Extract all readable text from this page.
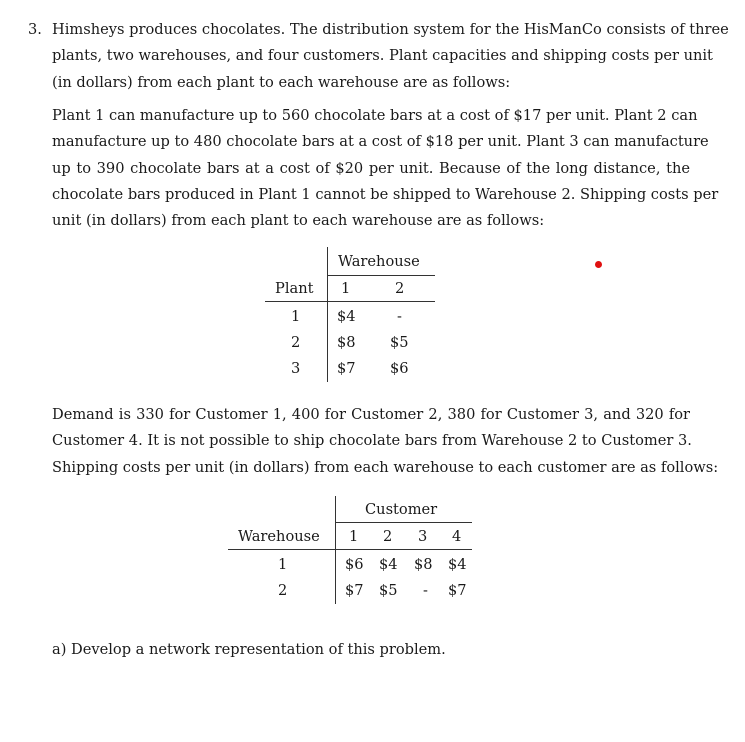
3. Himsheys produces chocolates. The distribution system for the HisManCo consists of three
plants, two warehouses, and four customers. Plant capacities and shipping costs per unit
(in dollars) from each plant to each warehouse are as follows:
Plant 1 can manufacture up to 560 chocolate bars at a cost of $17 per unit. Plant 2 can
manufacture up to 480 chocolate bars at a cost of $18 per unit. Plant 3 can manufacture
up to 390 chocolate bars at a cost of $20 per unit. Because of the long distance, the
chocolate bars produced in Plant 1 cannot be shipped to Warehouse 2. Shipping costs per
unit (in dollars) from each plant to each warehouse are as follows:
Warehouse
Plant 1	2
1	$4	-
2	$8 $5
3	$7 $6
Demand is 330 for Customer 1, 400 for Customer 2, 380 for Customer 3, and 320 for
Customer 4. It is not possible to ship chocolate bars from Warehouse 2 to Customer 3.
Shipping costs per unit (in dollars) from each warehouse to each customer are as follows:
Customer
Warehouse 1 2 3 4
1	$6 $4 $8 $4
2	$7 $5 - $7
a) Develop a network representation of this problem.
